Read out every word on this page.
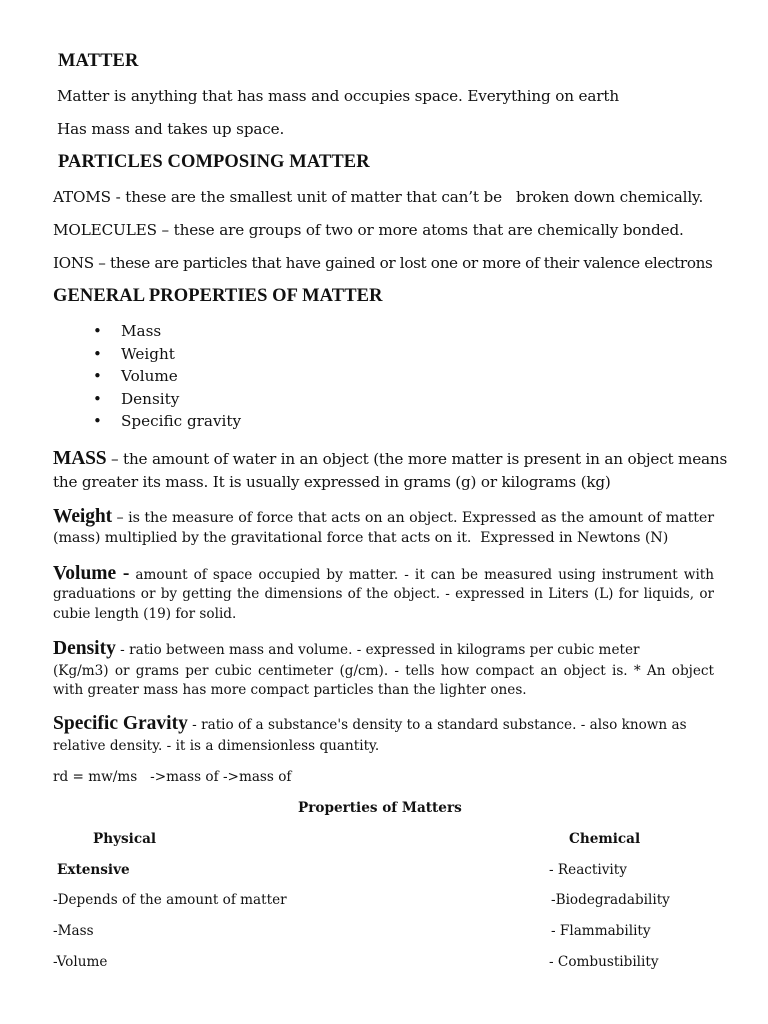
MATTER
Matter is anything that has mass and occupies space. Everything on earth
Has mass and takes up space.
PARTICLES COMPOSING MATTER
ATOMS - these are the smallest unit of matter that can’t be   broken down chemically.
MOLECULES – these are groups of two or more atoms that are chemically bonded.
IONS – these are particles that have gained or lost one or more of their valence electrons
GENERAL PROPERTIES OF MATTER
• Mass
• Weight
• Volume
• Density
• Specific gravity
MASS – the amount of water in an object (the more matter is present in an object means
the greater its mass. It is usually expressed in grams (g) or kilograms (kg)
Weight – is the measure of force that acts on an object. Expressed as the amount of matter
(mass) multiplied by the gravitational force that acts on it.  Expressed in Newtons (N)
Volume - amount of space occupied by matter. - it can be measured using instrument with
graduations or by getting the dimensions of the object. - expressed in Liters (L) for liquids, or
cubie length (19) for solid.
Density - ratio between mass and volume. - expressed in kilograms per cubic meter
(Kg/m3) or grams per cubic centimeter (g/cm). - tells how compact an object is. * An object
with greater mass has more compact particles than the lighter ones.
Specific Gravity - ratio of a substance's density to a standard substance. - also known as
relative density. - it is a dimensionless quantity.
rd = mw/ms   ->mass of ->mass of
Properties of Matters
Physical	Chemical
Extensive
-Depends of the amount of matter
-Mass
-Volume
- Reactivity
-Biodegradability
- Flammability
- Combustibility
